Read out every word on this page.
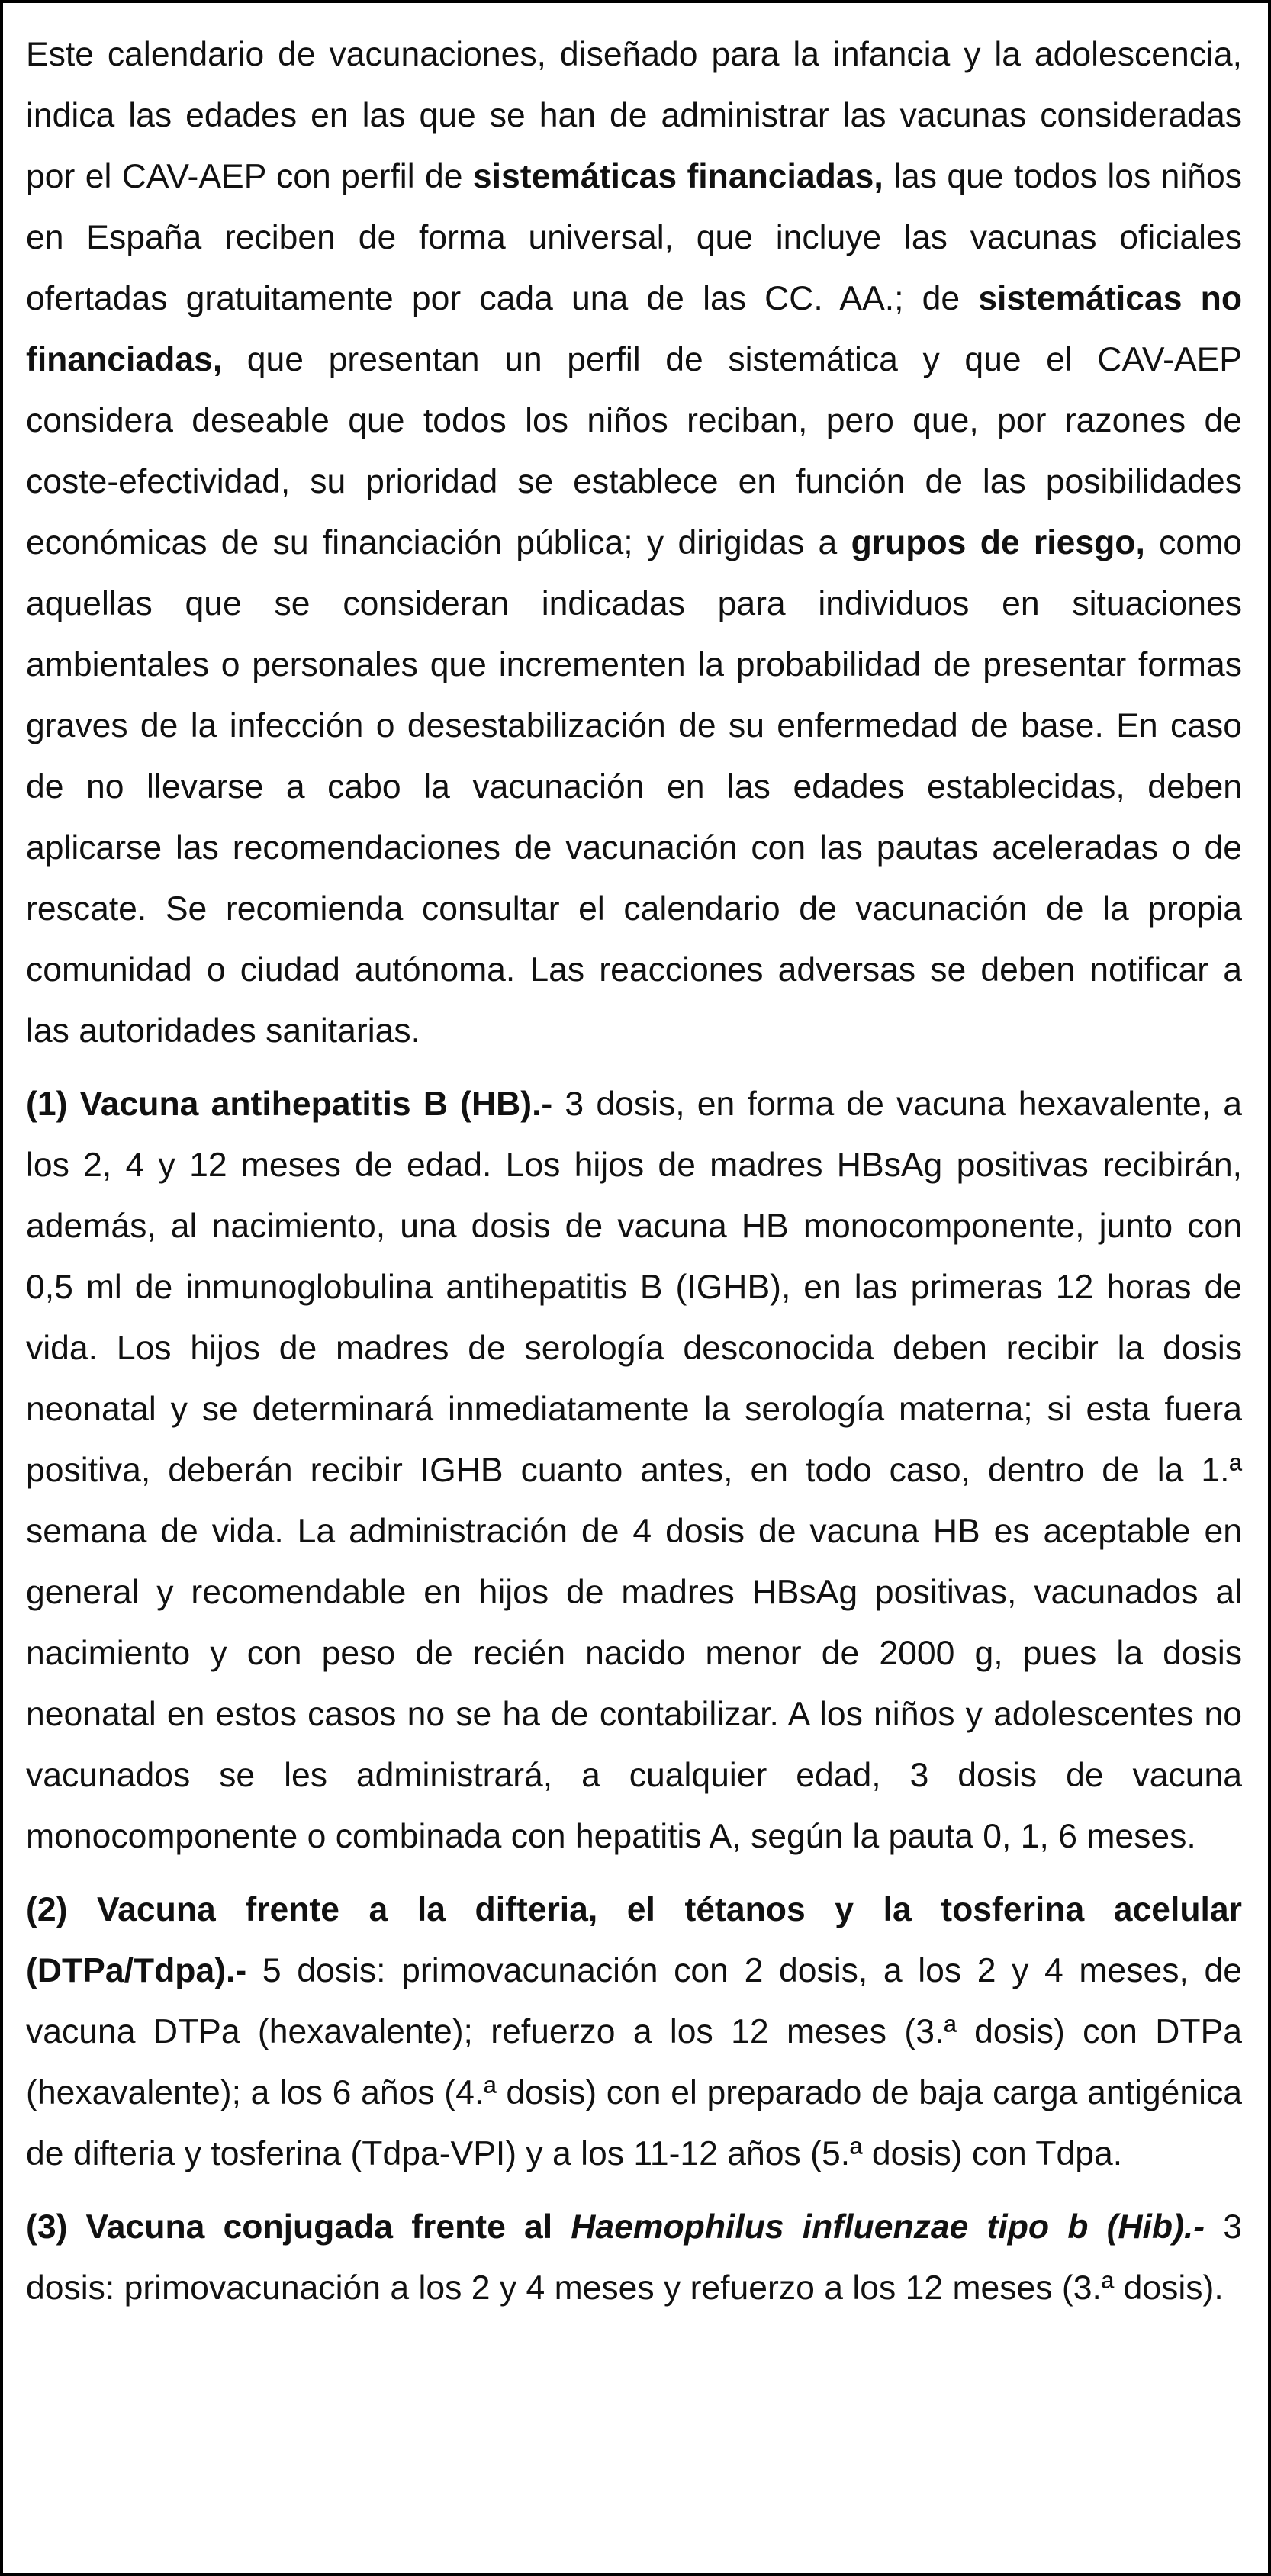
Este calendario de vacunaciones, diseñado para la infancia y la adolescencia, indica las edades en las que se han de administrar las vacunas consideradas por el CAV-AEP con perfil de sistemáticas financiadas, las que todos los niños en España reciben de forma universal, que incluye las vacunas oficiales ofertadas gratuitamente por cada una de las CC. AA.; de sistemáticas no financiadas, que presentan un perfil de sistemática y que el CAV-AEP considera deseable que todos los niños reciban, pero que, por razones de coste-efectividad, su prioridad se establece en función de las posibilidades económicas de su financiación pública; y dirigidas a grupos de riesgo, como aquellas que se consideran indicadas para individuos en situaciones ambientales o personales que incrementen la probabilidad de presentar formas graves de la infección o desestabilización de su enfermedad de base. En caso de no llevarse a cabo la vacunación en las edades establecidas, deben aplicarse las recomendaciones de vacunación con las pautas aceleradas o de rescate. Se recomienda consultar el calendario de vacunación de la propia comunidad o ciudad autónoma. Las reacciones adversas se deben notificar a las autoridades sanitarias.

(1) Vacuna antihepatitis B (HB).- 3 dosis, en forma de vacuna hexavalente, a los 2, 4 y 12 meses de edad. Los hijos de madres HBsAg positivas recibirán, además, al nacimiento, una dosis de vacuna HB monocomponente, junto con 0,5 ml de inmunoglobulina antihepatitis B (IGHB), en las primeras 12 horas de vida. Los hijos de madres de serología desconocida deben recibir la dosis neonatal y se determinará inmediatamente la serología materna; si esta fuera positiva, deberán recibir IGHB cuanto antes, en todo caso, dentro de la 1.ª semana de vida. La administración de 4 dosis de vacuna HB es aceptable en general y recomendable en hijos de madres HBsAg positivas, vacunados al nacimiento y con peso de recién nacido menor de 2000 g, pues la dosis neonatal en estos casos no se ha de contabilizar. A los niños y adolescentes no vacunados se les administrará, a cualquier edad, 3 dosis de vacuna monocomponente o combinada con hepatitis A, según la pauta 0, 1, 6 meses.

(2) Vacuna frente a la difteria, el tétanos y la tosferina acelular (DTPa/Tdpa).- 5 dosis: primovacunación con 2 dosis, a los 2 y 4 meses, de vacuna DTPa (hexavalente); refuerzo a los 12 meses (3.ª dosis) con DTPa (hexavalente); a los 6 años (4.ª dosis) con el preparado de baja carga antigénica de difteria y tosferina (Tdpa-VPI) y a los 11-12 años (5.ª dosis) con Tdpa.

(3) Vacuna conjugada frente al Haemophilus influenzae tipo b (Hib).- 3 dosis: primovacunación a los 2 y 4 meses y refuerzo a los 12 meses (3.ª dosis).
